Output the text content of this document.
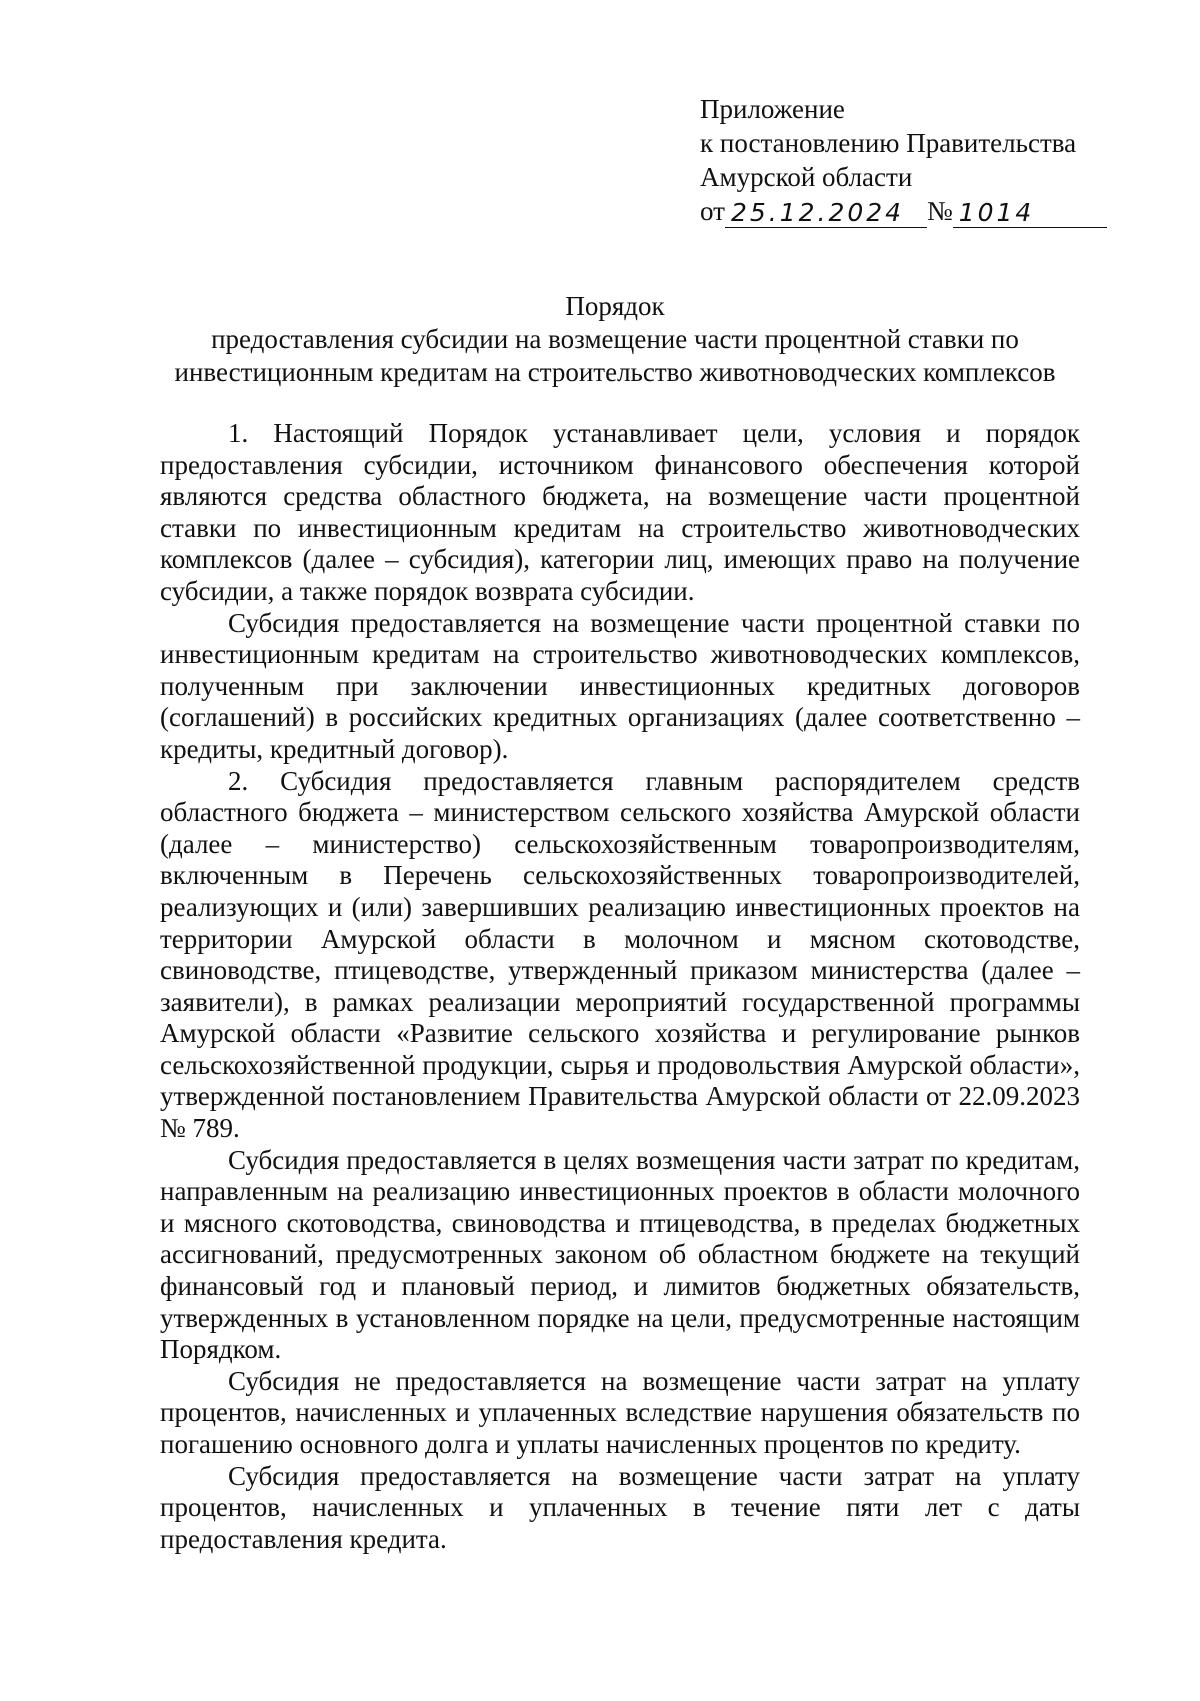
Приложение
к постановлению Правительства
Амурской области
от 25.12.2024 № 1014
Порядок
предоставления субсидии на возмещение части процентной ставки по
инвестиционным кредитам на строительство животноводческих комплексов

1. Настоящий Порядок устанавливает цели, условия и порядок предоставления субсидии, источником финансового обеспечения которой являются средства областного бюджета, на возмещение части процентной ставки по инвестиционным кредитам на строительство животноводческих комплексов (далее – субсидия), категории лиц, имеющих право на получение субсидии, а также порядок возврата субсидии.

Субсидия предоставляется на возмещение части процентной ставки по инвестиционным кредитам на строительство животноводческих комплексов, полученным при заключении инвестиционных кредитных договоров (соглашений) в российских кредитных организациях (далее соответственно – кредиты, кредитный договор).

2. Субсидия предоставляется главным распорядителем средств областного бюджета – министерством сельского хозяйства Амурской области (далее – министерство) сельскохозяйственным товаропроизводителям, включенным в Перечень сельскохозяйственных товаропроизводителей, реализующих и (или) завершивших реализацию инвестиционных проектов на территории Амурской области в молочном и мясном скотоводстве, свиноводстве, птицеводстве, утвержденный приказом министерства (далее – заявители), в рамках реализации мероприятий государственной программы Амурской области «Развитие сельского хозяйства и регулирование рынков сельскохозяйственной продукции, сырья и продовольствия Амурской области», утвержденной постановлением Правительства Амурской области от 22.09.2023 № 789.

Субсидия предоставляется в целях возмещения части затрат по кредитам, направленным на реализацию инвестиционных проектов в области молочного и мясного скотоводства, свиноводства и птицеводства, в пределах бюджетных ассигнований, предусмотренных законом об областном бюджете на текущий финансовый год и плановый период, и лимитов бюджетных обязательств, утвержденных в установленном порядке на цели, предусмотренные настоящим Порядком.

Субсидия не предоставляется на возмещение части затрат на уплату процентов, начисленных и уплаченных вследствие нарушения обязательств по погашению основного долга и уплаты начисленных процентов по кредиту.

Субсидия предоставляется на возмещение части затрат на уплату процентов, начисленных и уплаченных в течение пяти лет с даты предоставления кредита.
